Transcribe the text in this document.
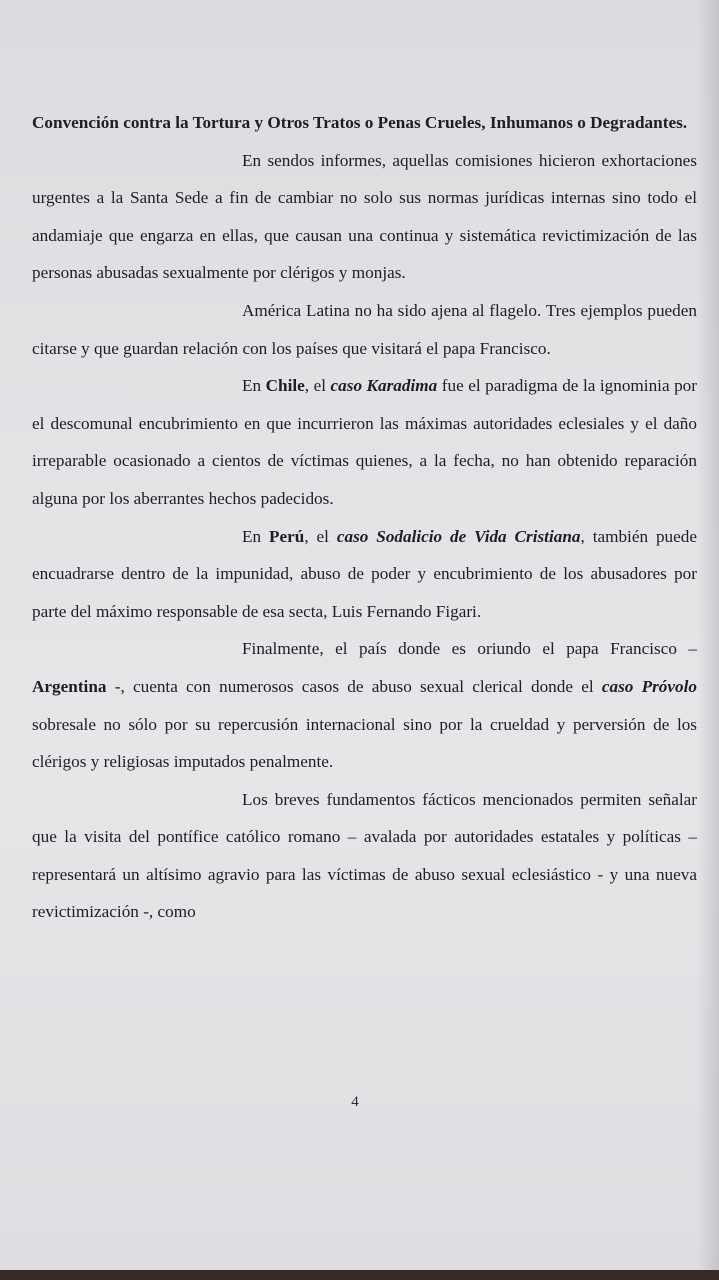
Convención contra la Tortura y Otros Tratos o Penas Crueles, Inhumanos o Degradantes.

En sendos informes, aquellas comisiones hicieron exhortaciones urgentes a la Santa Sede a fin de cambiar no solo sus normas jurídicas internas sino todo el andamiaje que engarza en ellas, que causan una continua y sistemática revictimización de las personas abusadas sexualmente por clérigos y monjas.

América Latina no ha sido ajena al flagelo. Tres ejemplos pueden citarse y que guardan relación con los países que visitará el papa Francisco.

En Chile, el caso Karadima fue el paradigma de la ignominia por el descomunal encubrimiento en que incurrieron las máximas autoridades eclesiales y el daño irreparable ocasionado a cientos de víctimas quienes, a la fecha, no han obtenido reparación alguna por los aberrantes hechos padecidos.

En Perú, el caso Sodalicio de Vida Cristiana, también puede encuadrarse dentro de la impunidad, abuso de poder y encubrimiento de los abusadores por parte del máximo responsable de esa secta, Luis Fernando Figari.

Finalmente, el país donde es oriundo el papa Francisco – Argentina -, cuenta con numerosos casos de abuso sexual clerical donde el caso Próvolo sobresale no sólo por su repercusión internacional sino por la crueldad y perversión de los clérigos y religiosas imputados penalmente.

Los breves fundamentos fácticos mencionados permiten señalar que la visita del pontífice católico romano – avalada por autoridades estatales y políticas – representará un altísimo agravio para las víctimas de abuso sexual eclesiástico - y una nueva revictimización -, como

4
